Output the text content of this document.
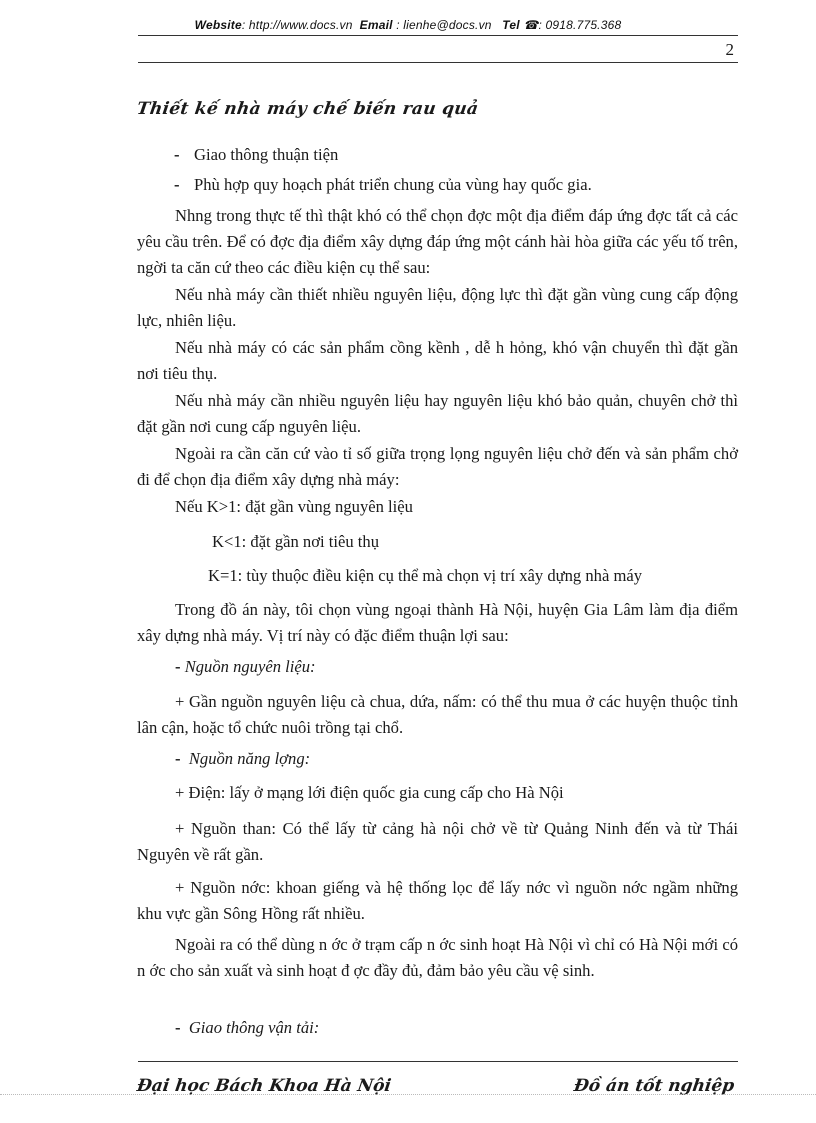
Website: http://www.docs.vn Email : lienhe@docs.vn Tel ☎: 0918.775.368
2
Thiết kế nhà máy chế biến rau quả
- Giao thông thuận tiện
- Phù hợp quy hoạch phát triển chung của vùng hay quốc gia.
Nhng trong thực tế thì thật khó có thể chọn đợc một địa điểm đáp ứng đợc tất cả các yêu cầu trên. Để có đợc địa điểm xây dựng đáp ứng một cánh hài hòa giữa các yếu tố trên, ngời ta căn cứ theo các điều kiện cụ thể sau:
Nếu nhà máy cần thiết nhiều nguyên liệu, động lực thì đặt gần vùng cung cấp động lực, nhiên liệu.
Nếu nhà máy có các sản phẩm cồng kềnh , dễ h hỏng, khó vận chuyển thì đặt gần nơi tiêu thụ.
Nếu nhà máy cần nhiều nguyên liệu hay nguyên liệu khó bảo quản, chuyên chở thì đặt gần nơi cung cấp nguyên liệu.
Ngoài ra cần căn cứ vào tỉ số giữa trọng lọng nguyên liệu chở đến và sản phẩm chở đi để chọn địa điểm xây dựng nhà máy:
Nếu K>1: đặt gần vùng nguyên liệu
K<1: đặt gần nơi tiêu thụ
K=1: tùy thuộc điều kiện cụ thể mà chọn vị trí xây dựng nhà máy
Trong đồ án này, tôi chọn vùng ngoại thành Hà Nội, huyện Gia Lâm làm địa điểm xây dựng nhà máy. Vị trí này có đặc điểm thuận lợi sau:
- Nguồn nguyên liệu:
+ Gần nguồn nguyên liệu cà chua, dứa, nấm: có thể thu mua ở các huyện thuộc tỉnh lân cận, hoặc tổ chức nuôi trồng tại chổ.
-  Nguồn năng lợng:
+ Điện: lấy ở mạng lới điện quốc gia cung cấp cho Hà Nội
+ Nguồn than: Có thể lấy từ cảng hà nội chở về từ Quảng Ninh đến và từ Thái Nguyên về rất gần.
+ Nguồn nớc: khoan giếng và hệ thống lọc để lấy nớc vì nguồn nớc ngầm những khu vực gần Sông Hồng rất nhiều.
Ngoài ra có thể dùng n ớc ở trạm cấp n ớc sinh hoạt Hà Nội vì chỉ có Hà Nội mới có n ớc cho sản xuất và sinh hoạt đ ợc đầy đủ, đảm bảo yêu cầu vệ sinh.
-  Giao thông vận tải:
Đại học Bách Khoa Hà Nội	Đồ án tốt nghiệp
